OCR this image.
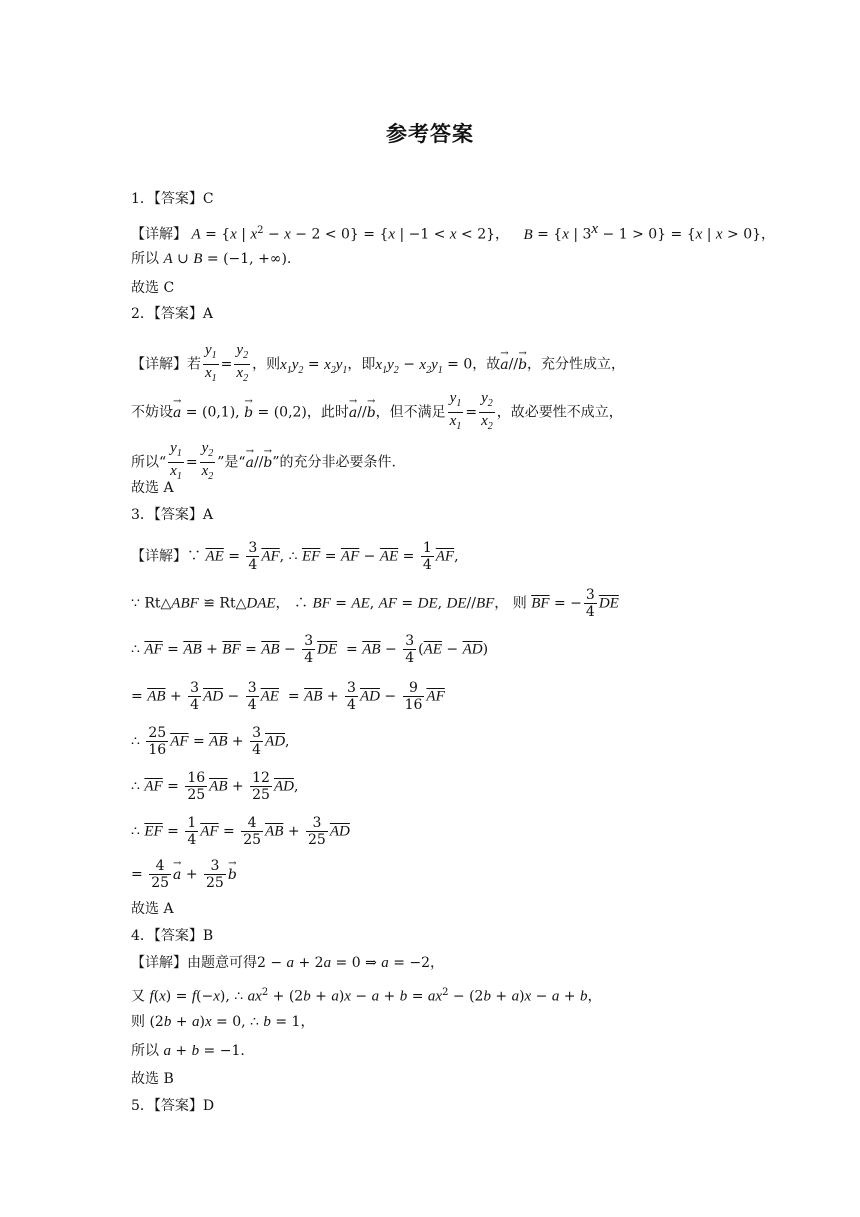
参考答案
1．【答案】C
【详解】 A = {x | $x^2 - x - 2 < 0\} = \{x$ | −1 < x < 2}， B = {x | $3^x - 1 > 0\} = \{x$ | x > 0}，
所以 A ∪ B = (−1, +∞).
故选 C
2．【答案】A
【详解】若 $\frac{y_1}{x_1} = \frac{y_2}{x_2}$ ，则$x_1y_2 = x_2y_1$，即$x_1y_2 - x_2y_1 = 0$，故→ a//→ b，充分性成立，
不妨设→ a = (0,1), → b = (0,2)，此时→ a//→ b，但不满足 $\frac{y_1}{x_1} = \frac{y_2}{x_2}$ ，故必要性不成立，
所以“ $\frac{y_1}{x_1} = \frac{y_2}{x_2}$ ”是“→ a//→ b”的充分非必要条件.
故选 A
3．【答案】A
【详解】∵ $\overline{AE} = \frac{3}{4} \overline{AF}$, ∴ $\overline{EF} = \overline{AF} - \overline{AE} = \frac{1}{4} \overline{AF}$,
∵ Rt△ABF ≌ Rt△DAE， ∴ BF = AE, AF = DE, DE//BF， 则 $\overline{BF}$ = − $\frac{3}{4} \overline{DE}$
∴ $\overline{AF} = \overline{AB} + \overline{BF} = \overline{AB} - \frac{3}{4} \overline{DE} = \overline{AB} - \frac{3}{4} (\overline{AE} - \overline{AD})$
= $\overline{AB} + \frac{3}{4} \overline{AD} - \frac{3}{4} \overline{AE} = \overline{AB} + \frac{3}{4} \overline{AD} - \frac{9}{16} \overline{AF}$
∴ $\frac{25}{16} \overline{AF} = \overline{AB} + \frac{3}{4} \overline{AD}$,
∴ $\overline{AF} = \frac{16}{25} \overline{AB} + \frac{12}{25} \overline{AD}$,
∴ $\overline{EF} = \frac{1}{4} \overline{AF} = \frac{4}{25} \overline{AB} + \frac{3}{25} \overline{AD}$
= $\frac{4}{25} \to a + \frac{3}{25} \to b$
故选 A
4．【答案】B
【详解】由题意可得2 − a + 2a = 0 ⇒ a = −2，
又 f(x) = f(−x), ∴ $ax^2 + (2b + a)x - a + b = ax^2 - (2b + a)x - a + b$，
则 (2b + a)x = 0, ∴ b = 1，
所以 a + b = −1.
故选 B
5．【答案】D
